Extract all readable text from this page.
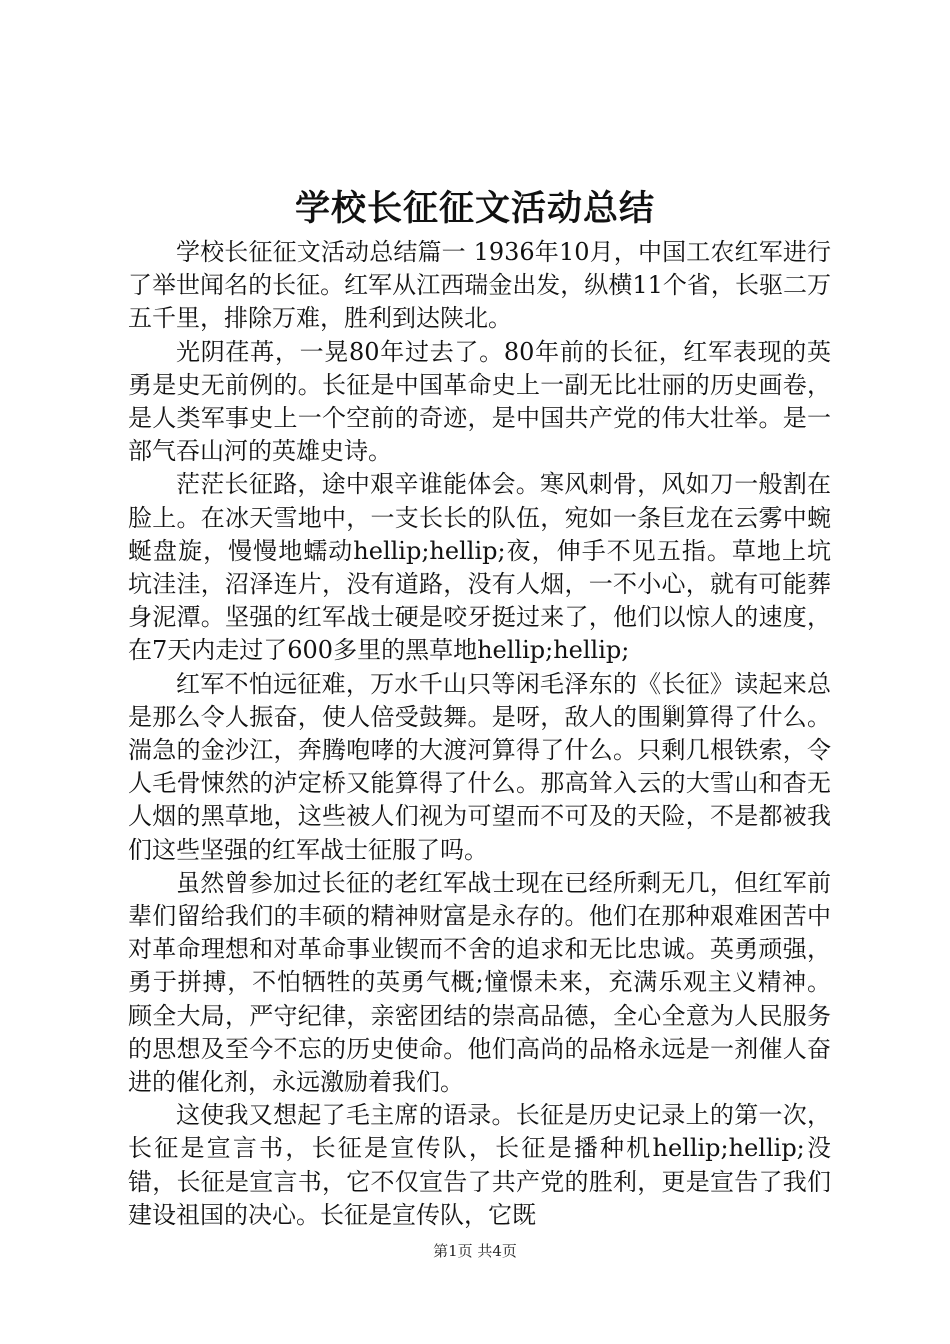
学校长征征文活动总结

学校长征征文活动总结篇一 1936年10月，中国工农红军进行了举世闻名的长征。红军从江西瑞金出发，纵横11个省，长驱二万五千里，排除万难，胜利到达陕北。

光阴荏苒，一晃80年过去了。80年前的长征，红军表现的英勇是史无前例的。长征是中国革命史上一副无比壮丽的历史画卷，是人类军事史上一个空前的奇迹，是中国共产党的伟大壮举。是一部气吞山河的英雄史诗。

茫茫长征路，途中艰辛谁能体会。寒风刺骨，风如刀一般割在脸上。在冰天雪地中，一支长长的队伍，宛如一条巨龙在云雾中蜿蜒盘旋，慢慢地蠕动hellip;hellip;夜，伸手不见五指。草地上坑坑洼洼，沼泽连片，没有道路，没有人烟，一不小心，就有可能葬身泥潭。坚强的红军战士硬是咬牙挺过来了，他们以惊人的速度，在7天内走过了600多里的黑草地hellip;hellip;

红军不怕远征难，万水千山只等闲毛泽东的《长征》读起来总是那么令人振奋，使人倍受鼓舞。是呀，敌人的围剿算得了什么。湍急的金沙江，奔腾咆哮的大渡河算得了什么。只剩几根铁索，令人毛骨悚然的泸定桥又能算得了什么。那高耸入云的大雪山和杳无人烟的黑草地，这些被人们视为可望而不可及的天险，不是都被我们这些坚强的红军战士征服了吗。

虽然曾参加过长征的老红军战士现在已经所剩无几，但红军前辈们留给我们的丰硕的精神财富是永存的。他们在那种艰难困苦中对革命理想和对革命事业锲而不舍的追求和无比忠诚。英勇顽强，勇于拼搏，不怕牺牲的英勇气概;憧憬未来，充满乐观主义精神。顾全大局，严守纪律，亲密团结的崇高品德，全心全意为人民服务的思想及至今不忘的历史使命。他们高尚的品格永远是一剂催人奋进的催化剂，永远激励着我们。

这使我又想起了毛主席的语录。长征是历史记录上的第一次，长征是宣言书，长征是宣传队，长征是播种机hellip;hellip;没错，长征是宣言书，它不仅宣告了共产党的胜利，更是宣告了我们建设祖国的决心。长征是宣传队，它既

第1页 共4页
